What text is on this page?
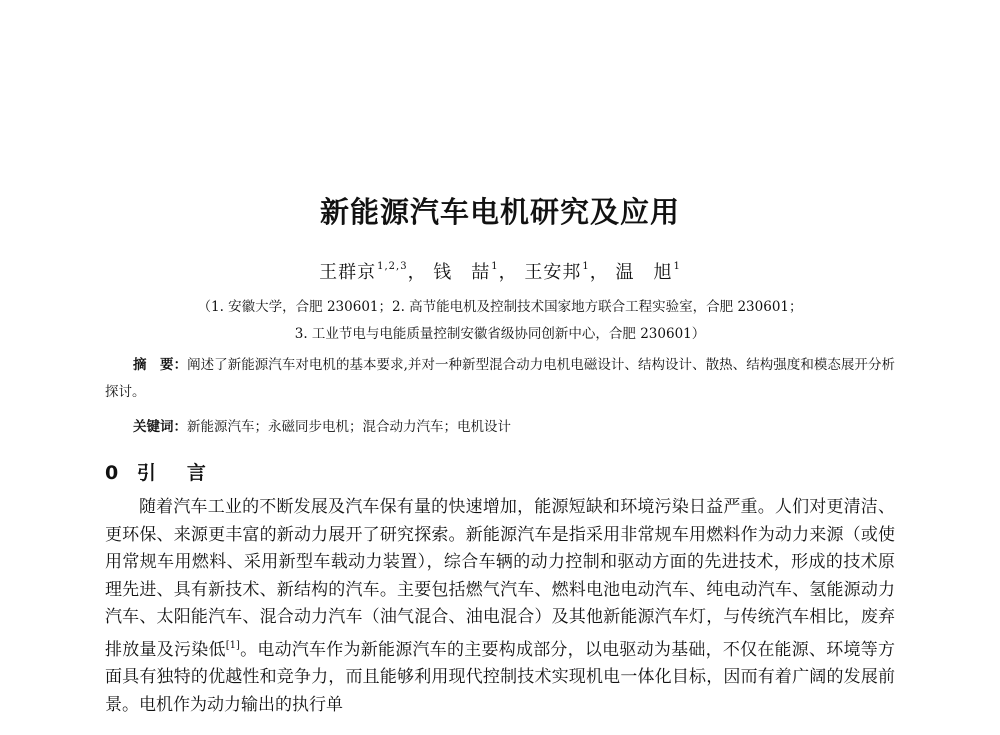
新能源汽车电机研究及应用
王群京$^{1,2,3}$， 钱　喆$^1$， 王安邦$^1$， 温　旭$^1$
（1. 安徽大学，合肥 230601；2. 高节能电机及控制技术国家地方联合工程实验室，合肥 230601；
3. 工业节电与电能质量控制安徽省级协同创新中心，合肥 230601）
摘　要：阐述了新能源汽车对电机的基本要求,并对一种新型混合动力电机电磁设计、结构设计、散热、结构强度和模态展开分析探讨。
关键词：新能源汽车；永磁同步电机；混合动力汽车；电机设计
0 引　言
随着汽车工业的不断发展及汽车保有量的快速增加，能源短缺和环境污染日益严重。人们对更清洁、更环保、来源更丰富的新动力展开了研究探索。新能源汽车是指采用非常规车用燃料作为动力来源（或使用常规车用燃料、采用新型车载动力装置），综合车辆的动力控制和驱动方面的先进技术，形成的技术原理先进、具有新技术、新结构的汽车。主要包括燃气汽车、燃料电池电动汽车、纯电动汽车、氢能源动力汽车、太阳能汽车、混合动力汽车（油气混合、油电混合）及其他新能源汽车灯，与传统汽车相比，废弃排放量及污染低[1]。电动汽车作为新能源汽车的主要构成部分，以电驱动为基础，不仅在能源、环境等方面具有独特的优越性和竞争力，而且能够利用现代控制技术实现机电一体化目标，因而有着广阔的发展前景。电机作为动力输出的执行单
